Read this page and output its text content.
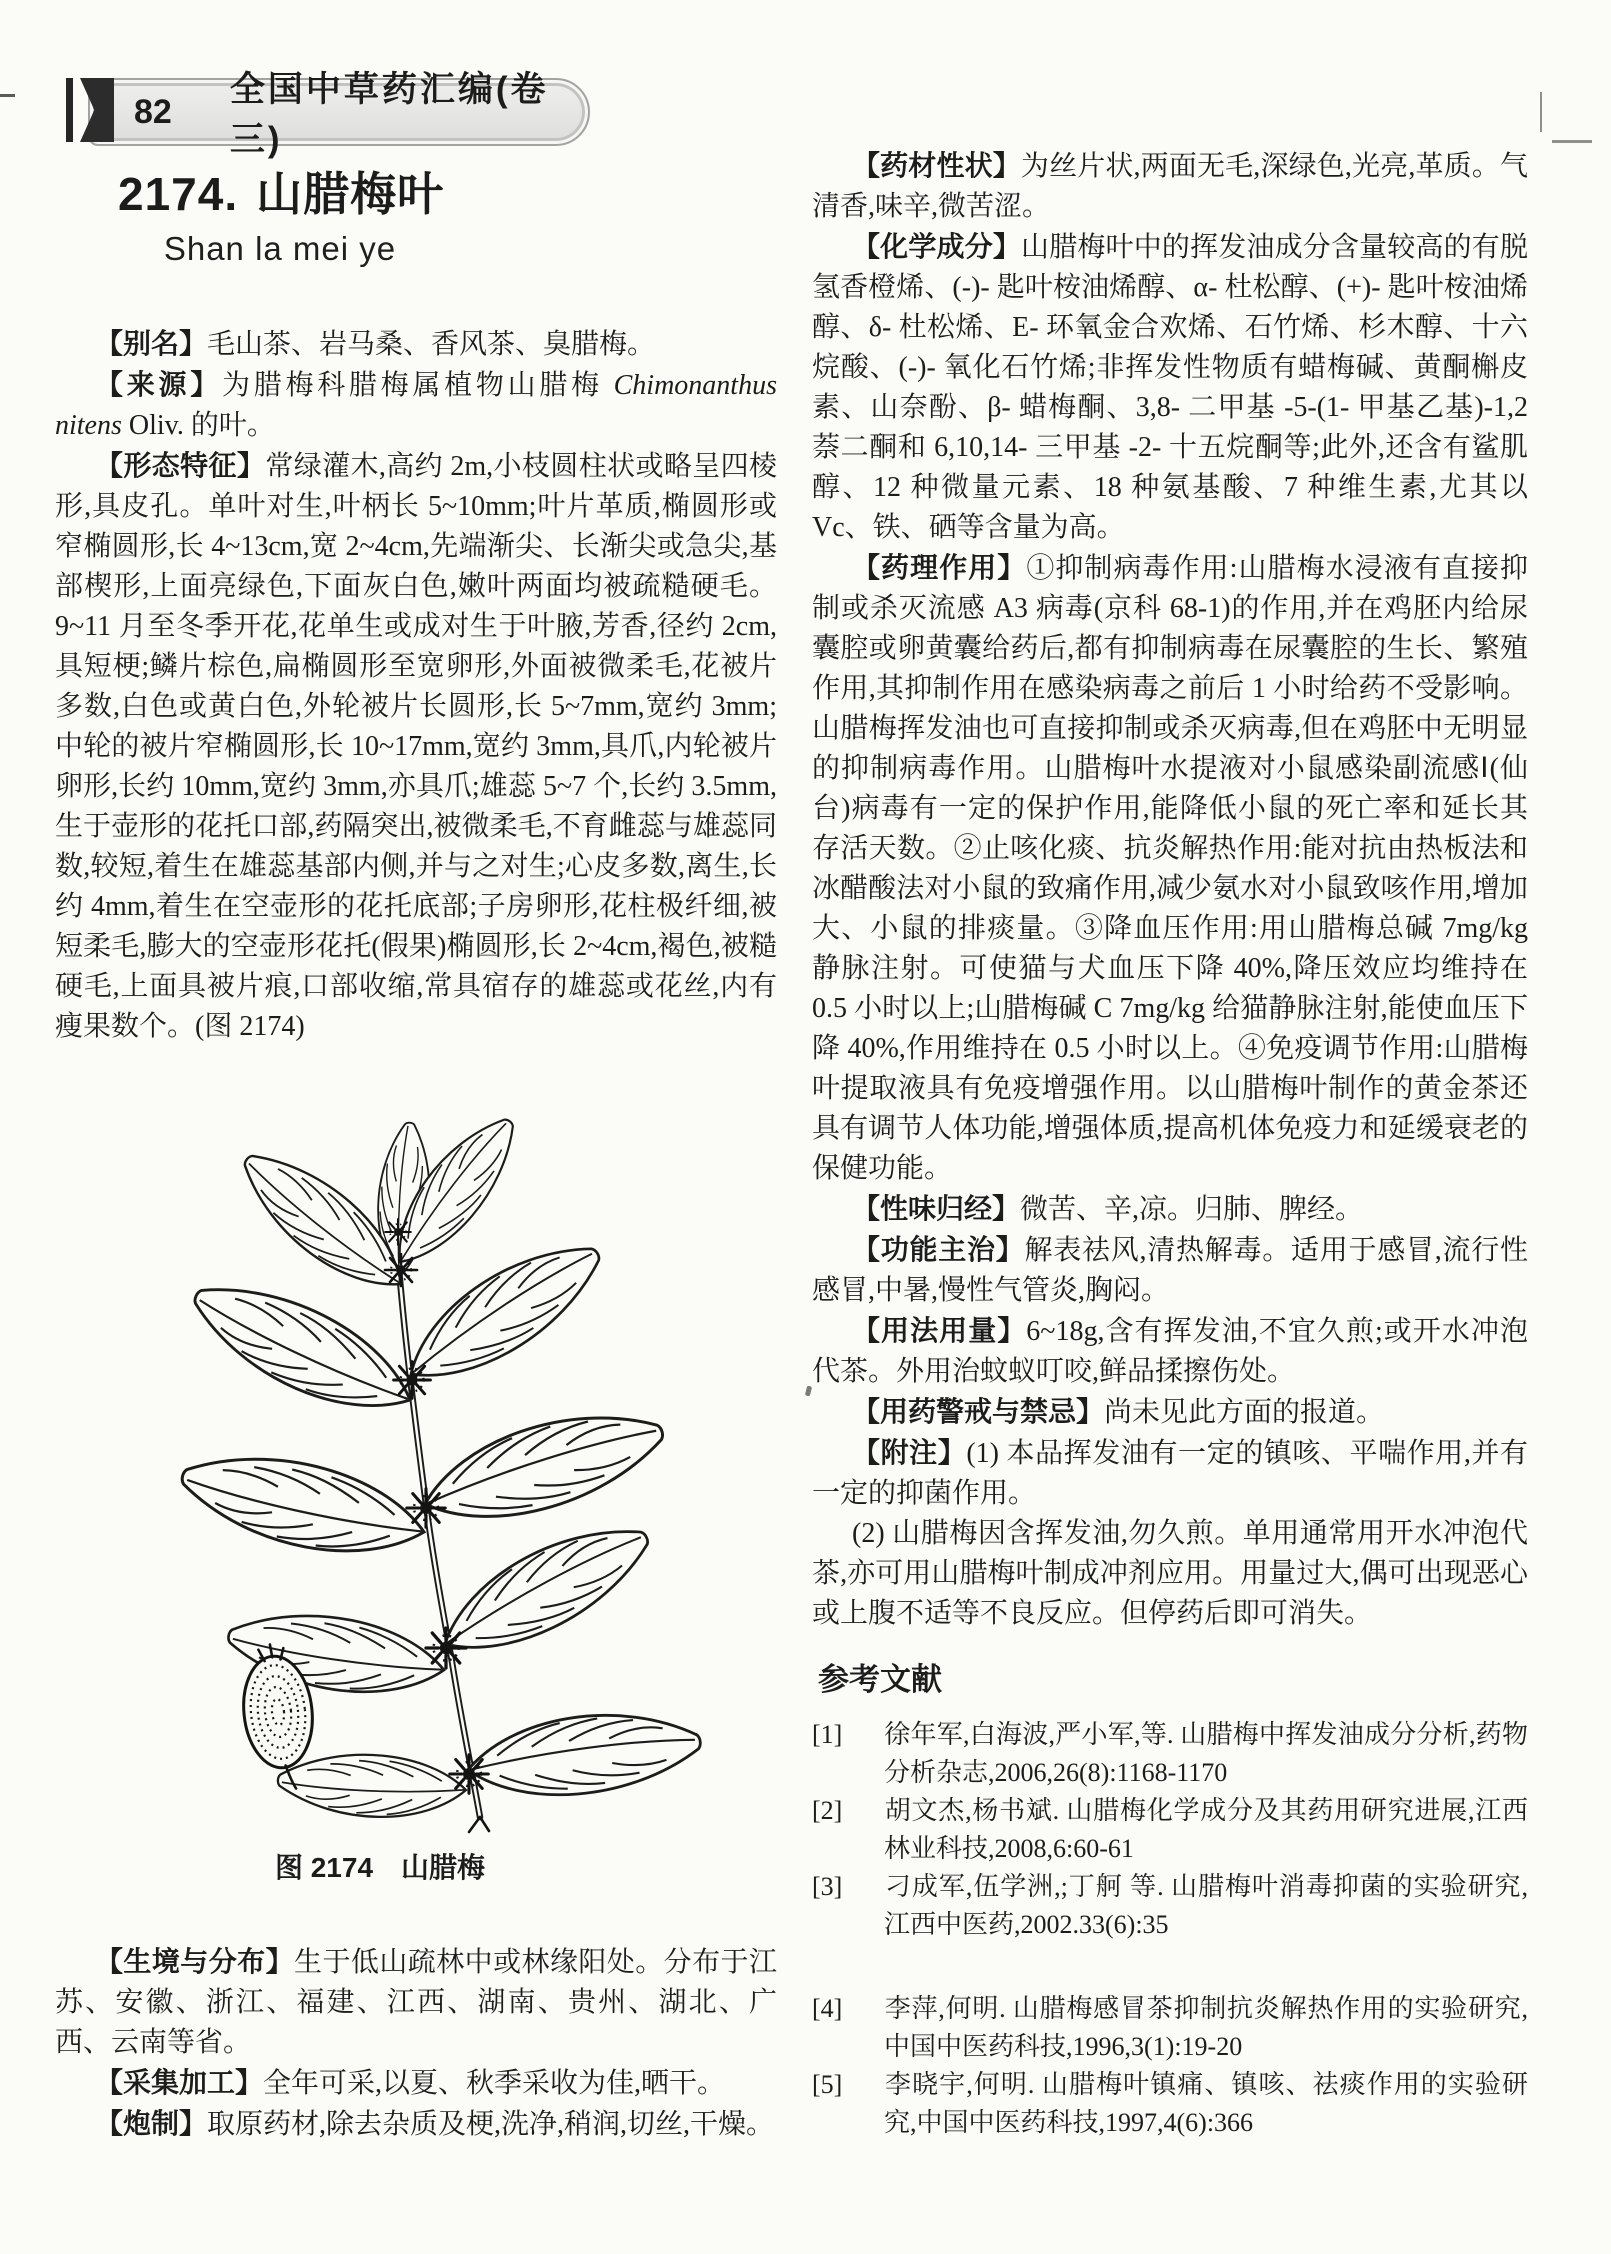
82
全国中草药汇编(卷三)
2174. 山腊梅叶
Shan la mei ye

【别名】毛山茶、岩马桑、香风茶、臭腊梅。

【来源】为腊梅科腊梅属植物山腊梅 Chimonanthus nitens Oliv. 的叶。

【形态特征】常绿灌木,高约 2m,小枝圆柱状或略呈四棱形,具皮孔。单叶对生,叶柄长 5~10mm;叶片革质,椭圆形或窄椭圆形,长 4~13cm,宽 2~4cm,先端渐尖、长渐尖或急尖,基部楔形,上面亮绿色,下面灰白色,嫩叶两面均被疏糙硬毛。9~11 月至冬季开花,花单生或成对生于叶腋,芳香,径约 2cm,具短梗;鳞片棕色,扁椭圆形至宽卵形,外面被微柔毛,花被片多数,白色或黄白色,外轮被片长圆形,长 5~7mm,宽约 3mm;中轮的被片窄椭圆形,长 10~17mm,宽约 3mm,具爪,内轮被片卵形,长约 10mm,宽约 3mm,亦具爪;雄蕊 5~7 个,长约 3.5mm,生于壶形的花托口部,药隔突出,被微柔毛,不育雌蕊与雄蕊同数,较短,着生在雄蕊基部内侧,并与之对生;心皮多数,离生,长约 4mm,着生在空壶形的花托底部;子房卵形,花柱极纤细,被短柔毛,膨大的空壶形花托(假果)椭圆形,长 2~4cm,褐色,被糙硬毛,上面具被片痕,口部收缩,常具宿存的雄蕊或花丝,内有瘦果数个。(图 2174)

图 2174　山腊梅

【生境与分布】生于低山疏林中或林缘阳处。分布于江苏、安徽、浙江、福建、江西、湖南、贵州、湖北、广西、云南等省。

【采集加工】全年可采,以夏、秋季采收为佳,晒干。

【炮制】取原药材,除去杂质及梗,洗净,稍润,切丝,干燥。

【药材性状】为丝片状,两面无毛,深绿色,光亮,革质。气清香,味辛,微苦涩。

【化学成分】山腊梅叶中的挥发油成分含量较高的有脱氢香橙烯、(-)- 匙叶桉油烯醇、α- 杜松醇、(+)- 匙叶桉油烯醇、δ- 杜松烯、E- 环氧金合欢烯、石竹烯、杉木醇、十六烷酸、(-)- 氧化石竹烯;非挥发性物质有蜡梅碱、黄酮槲皮素、山奈酚、β- 蜡梅酮、3,8- 二甲基 -5-(1- 甲基乙基)-1,2 萘二酮和 6,10,14- 三甲基 -2- 十五烷酮等;此外,还含有鲨肌醇、12 种微量元素、18 种氨基酸、7 种维生素,尤其以 Vc、铁、硒等含量为高。

【药理作用】①抑制病毒作用:山腊梅水浸液有直接抑制或杀灭流感 A3 病毒(京科 68-1)的作用,并在鸡胚内给尿囊腔或卵黄囊给药后,都有抑制病毒在尿囊腔的生长、繁殖作用,其抑制作用在感染病毒之前后 1 小时给药不受影响。山腊梅挥发油也可直接抑制或杀灭病毒,但在鸡胚中无明显的抑制病毒作用。山腊梅叶水提液对小鼠感染副流感Ⅰ(仙台)病毒有一定的保护作用,能降低小鼠的死亡率和延长其存活天数。②止咳化痰、抗炎解热作用:能对抗由热板法和冰醋酸法对小鼠的致痛作用,减少氨水对小鼠致咳作用,增加大、小鼠的排痰量。③降血压作用:用山腊梅总碱 7mg/kg 静脉注射。可使猫与犬血压下降 40%,降压效应均维持在 0.5 小时以上;山腊梅碱 C 7mg/kg 给猫静脉注射,能使血压下降 40%,作用维持在 0.5 小时以上。④免疫调节作用:山腊梅叶提取液具有免疫增强作用。以山腊梅叶制作的黄金茶还具有调节人体功能,增强体质,提高机体免疫力和延缓衰老的保健功能。

【性味归经】微苦、辛,凉。归肺、脾经。

【功能主治】解表祛风,清热解毒。适用于感冒,流行性感冒,中暑,慢性气管炎,胸闷。

【用法用量】6~18g,含有挥发油,不宜久煎;或开水冲泡代茶。外用治蚊蚁叮咬,鲜品揉擦伤处。

【用药警戒与禁忌】尚未见此方面的报道。

【附注】(1) 本品挥发油有一定的镇咳、平喘作用,并有一定的抑菌作用。

(2) 山腊梅因含挥发油,勿久煎。单用通常用开水冲泡代茶,亦可用山腊梅叶制成冲剂应用。用量过大,偶可出现恶心或上腹不适等不良反应。但停药后即可消失。

参考文献

[1] 徐年军,白海波,严小军,等. 山腊梅中挥发油成分分析,药物分析杂志,2006,26(8):1168-1170

[2] 胡文杰,杨书斌. 山腊梅化学成分及其药用研究进展,江西林业科技,2008,6:60-61

[3] 刁成军,伍学洲,;丁舸 等. 山腊梅叶消毒抑菌的实验研究,江西中医药,2002.33(6):35

[4] 李萍,何明. 山腊梅感冒茶抑制抗炎解热作用的实验研究,中国中医药科技,1996,3(1):19-20

[5] 李晓宇,何明. 山腊梅叶镇痛、镇咳、祛痰作用的实验研究,中国中医药科技,1997,4(6):366
